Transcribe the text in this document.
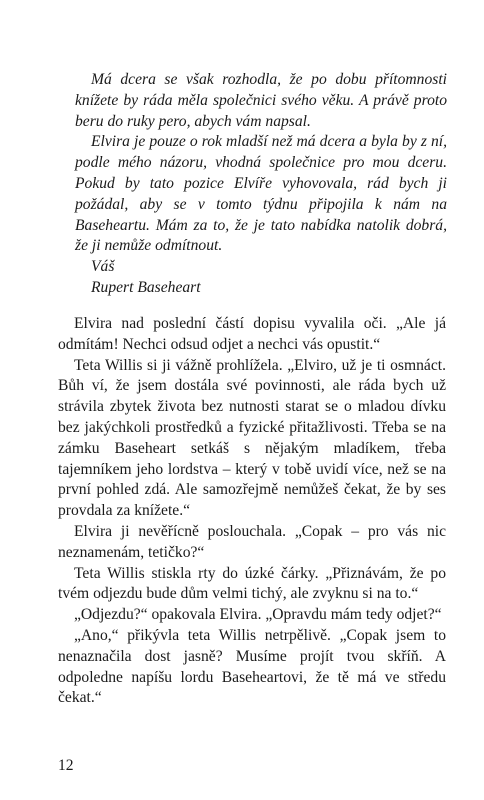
Má dcera se však rozhodla, že po dobu přítomnosti knížete by ráda měla společnici svého věku. A právě proto beru do ruky pero, abych vám napsal.

Elvira je pouze o rok mladší než má dcera a byla by z ní, podle mého názoru, vhodná společnice pro mou dceru. Pokud by tato pozice Elvíře vyhovovala, rád bych ji požádal, aby se v tomto týdnu připojila k nám na Baseheartu. Mám za to, že je tato nabídka natolik dobrá, že ji nemůže odmítnout.

Váš

Rupert Baseheart

Elvira nad poslední částí dopisu vyvalila oči. „Ale já odmítám! Nechci odsud odjet a nechci vás opustit.“

Teta Willis si ji vážně prohlížela. „Elviro, už je ti osmnáct. Bůh ví, že jsem dostála své povinnosti, ale ráda bych už strávila zbytek života bez nutnosti starat se o mladou dívku bez jakýchkoli prostředků a fyzické přitažlivosti. Třeba se na zámku Baseheart setkáš s nějakým mladíkem, třeba tajemníkem jeho lordstva – který v tobě uvidí více, než se na první pohled zdá. Ale samozřejmě nemůžeš čekat, že by ses provdala za knížete.“

Elvira ji nevěřícně poslouchala. „Copak – pro vás nic neznamenám, tetičko?“

Teta Willis stiskla rty do úzké čárky. „Přiznávám, že po tvém odjezdu bude dům velmi tichý, ale zvyknu si na to.“

„Odjezdu?“ opakovala Elvira. „Opravdu mám tedy odjet?“

„Ano,“ přikývla teta Willis netrpělivě. „Copak jsem to nenaznačila dost jasně? Musíme projít tvou skříň. A odpoledne napíšu lordu Baseheartovi, že tě má ve středu čekat.“

12
